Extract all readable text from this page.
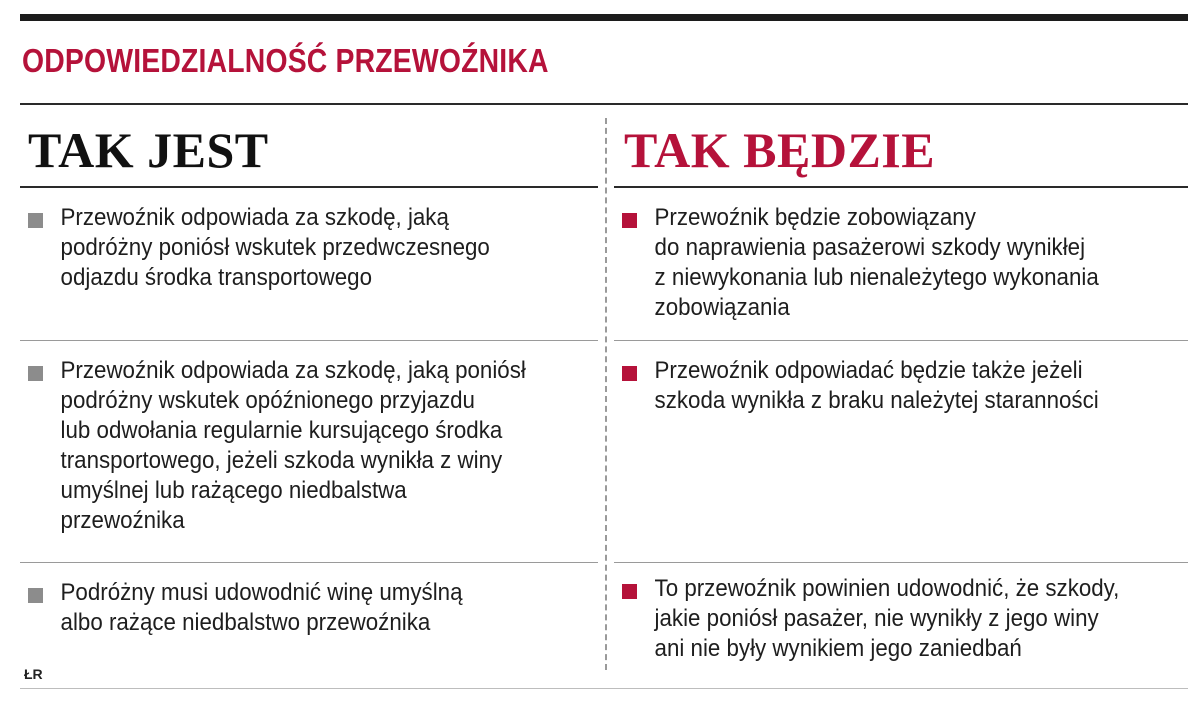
ODPOWIEDZIALNOŚĆ PRZEWOŹNIKA
TAK JEST	TAK BĘDZIE
Przewoźnik odpowiada za szkodę, jaką
podróżny poniósł wskutek przedwczesnego
odjazdu środka transportowego
Przewoźnik odpowiada za szkodę, jaką poniósł
podróżny wskutek opóźnionego przyjazdu
lub odwołania regularnie kursującego środka
transportowego, jeżeli szkoda wynikła z winy
umyślnej lub rażącego niedbalstwa
przewoźnika
Podróżny musi udowodnić winę umyślną
albo rażące niedbalstwo przewoźnika
Przewoźnik będzie zobowiązany
do naprawienia pasażerowi szkody wynikłej
z niewykonania lub nienależytego wykonania
zobowiązania
Przewoźnik odpowiadać będzie także jeżeli
szkoda wynikła z braku należytej staranności
To przewoźnik powinien udowodnić, że szkody,
jakie poniósł pasażer, nie wynikły z jego winy
ani nie były wynikiem jego zaniedbań
ŁR
